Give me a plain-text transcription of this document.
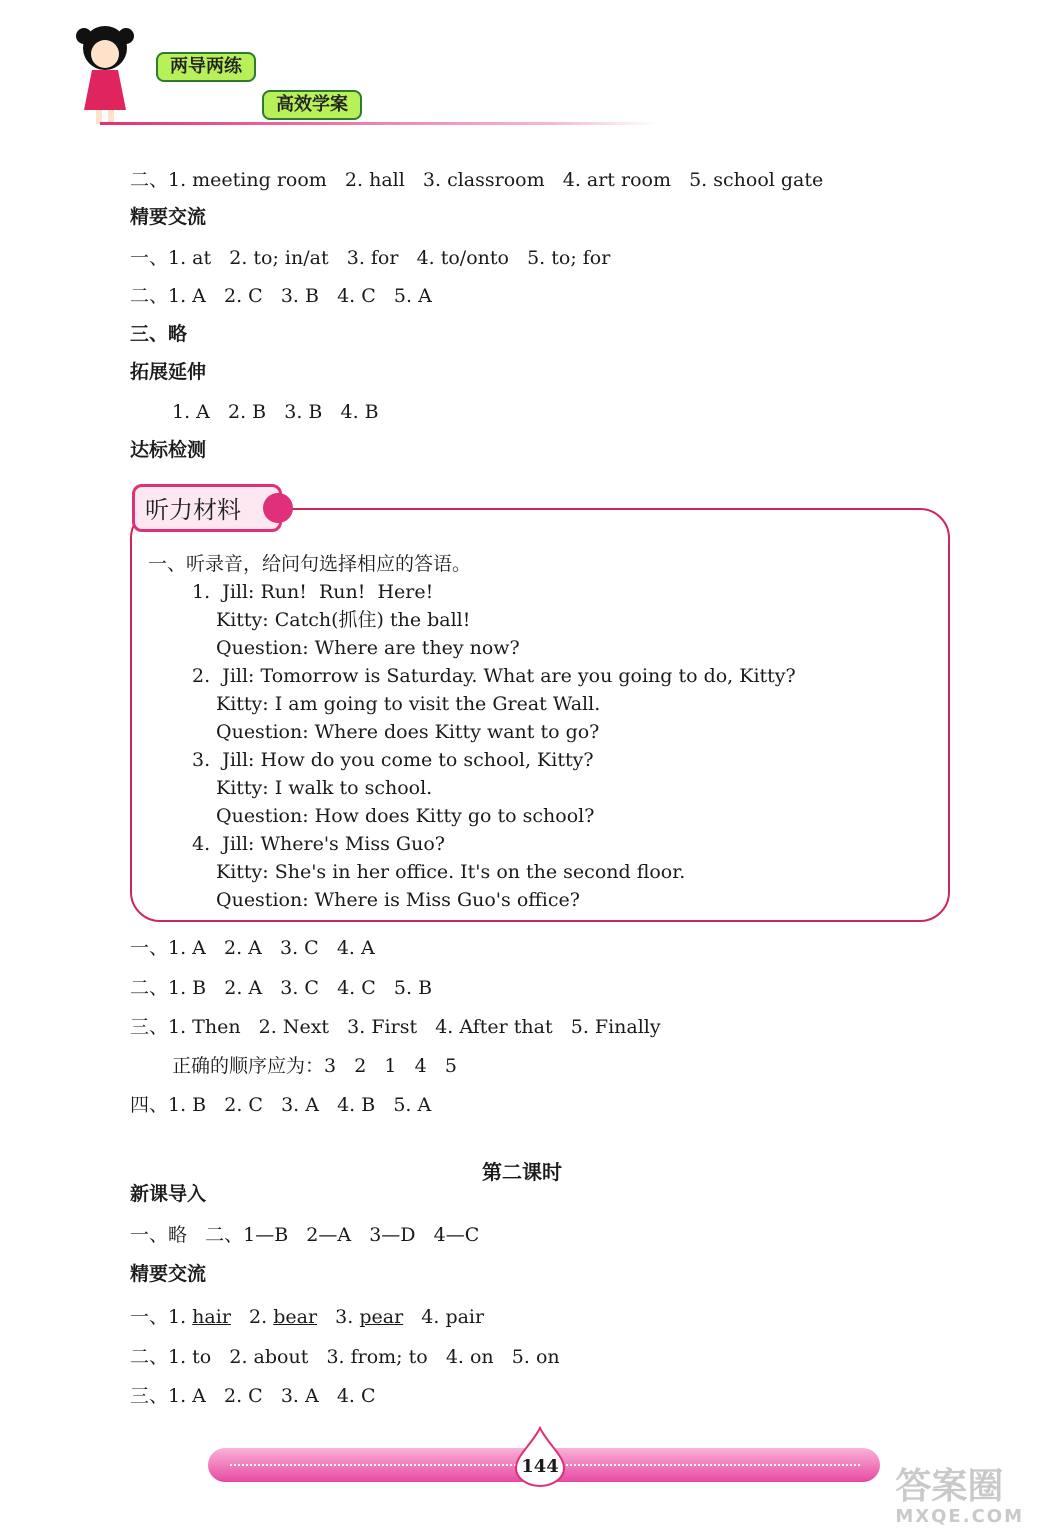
两导两练
高效学案
二、1. meeting room   2. hall   3. classroom   4. art room   5. school gate
精要交流
一、1. at   2. to; in/at   3. for   4. to/onto   5. to; for
二、1. A   2. C   3. B   4. C   5. A
三、略
拓展延伸
1. A   2. B   3. B   4. B
达标检测
听力材料
一、听录音，给问句选择相应的答语。
1.  Jill: Run!  Run!  Here!
Kitty: Catch(抓住) the ball!
Question: Where are they now?
2.  Jill: Tomorrow is Saturday. What are you going to do, Kitty?
Kitty: I am going to visit the Great Wall.
Question: Where does Kitty want to go?
3.  Jill: How do you come to school, Kitty?
Kitty: I walk to school.
Question: How does Kitty go to school?
4.  Jill: Where's Miss Guo?
Kitty: She's in her office. It's on the second floor.
Question: Where is Miss Guo's office?
一、1. A   2. A   3. C   4. A
二、1. B   2. A   3. C   4. C   5. B
三、1. Then   2. Next   3. First   4. After that   5. Finally
正确的顺序应为：3   2   1   4   5
四、1. B   2. C   3. A   4. B   5. A
第二课时
新课导入
一、略   二、1—B   2—A   3—D   4—C
精要交流
一、1. hair   2. bear   3. pear   4. pair
二、1. to   2. about   3. from; to   4. on   5. on
三、1. A   2. C   3. A   4. C
144	答案圈
MXQE.COM
